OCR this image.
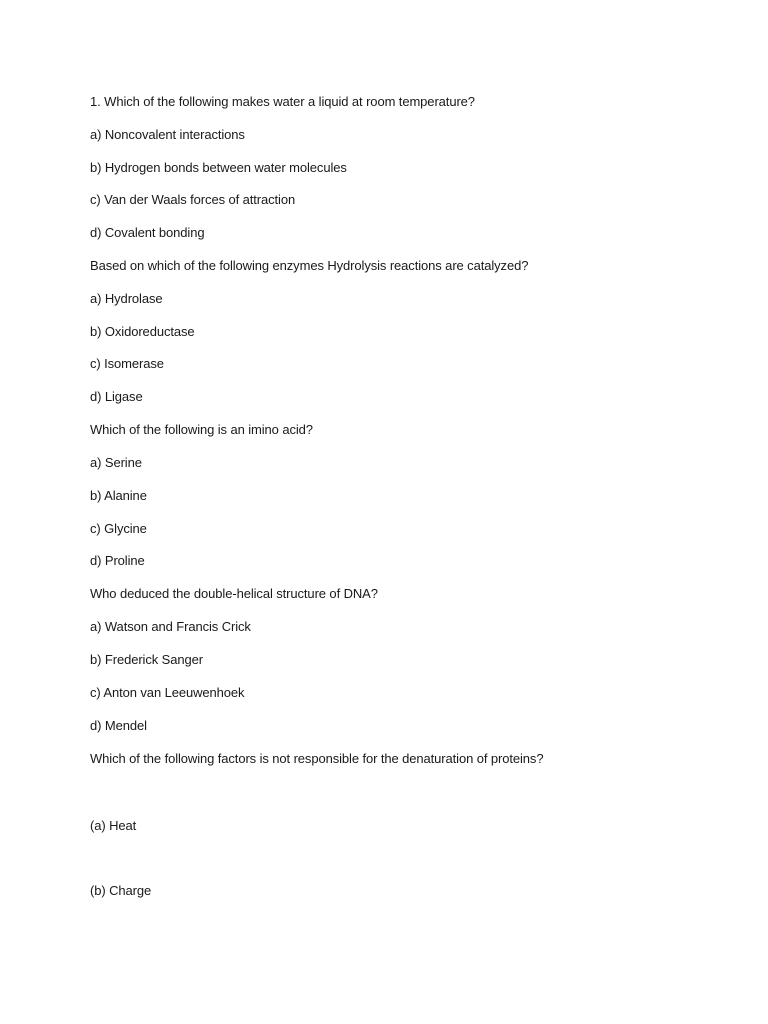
1. Which of the following makes water a liquid at room temperature?

a) Noncovalent interactions

b) Hydrogen bonds between water molecules

c) Van der Waals forces of attraction

d) Covalent bonding

Based on which of the following enzymes Hydrolysis reactions are catalyzed?

a) Hydrolase

b) Oxidoreductase

c) Isomerase

d) Ligase

Which of the following is an imino acid?

a) Serine

b) Alanine

c) Glycine

d) Proline

Who deduced the double-helical structure of DNA?

a) Watson and Francis Crick

b) Frederick Sanger

c) Anton van Leeuwenhoek

d) Mendel

Which of the following factors is not responsible for the denaturation of proteins?

(a) Heat

(b) Charge
